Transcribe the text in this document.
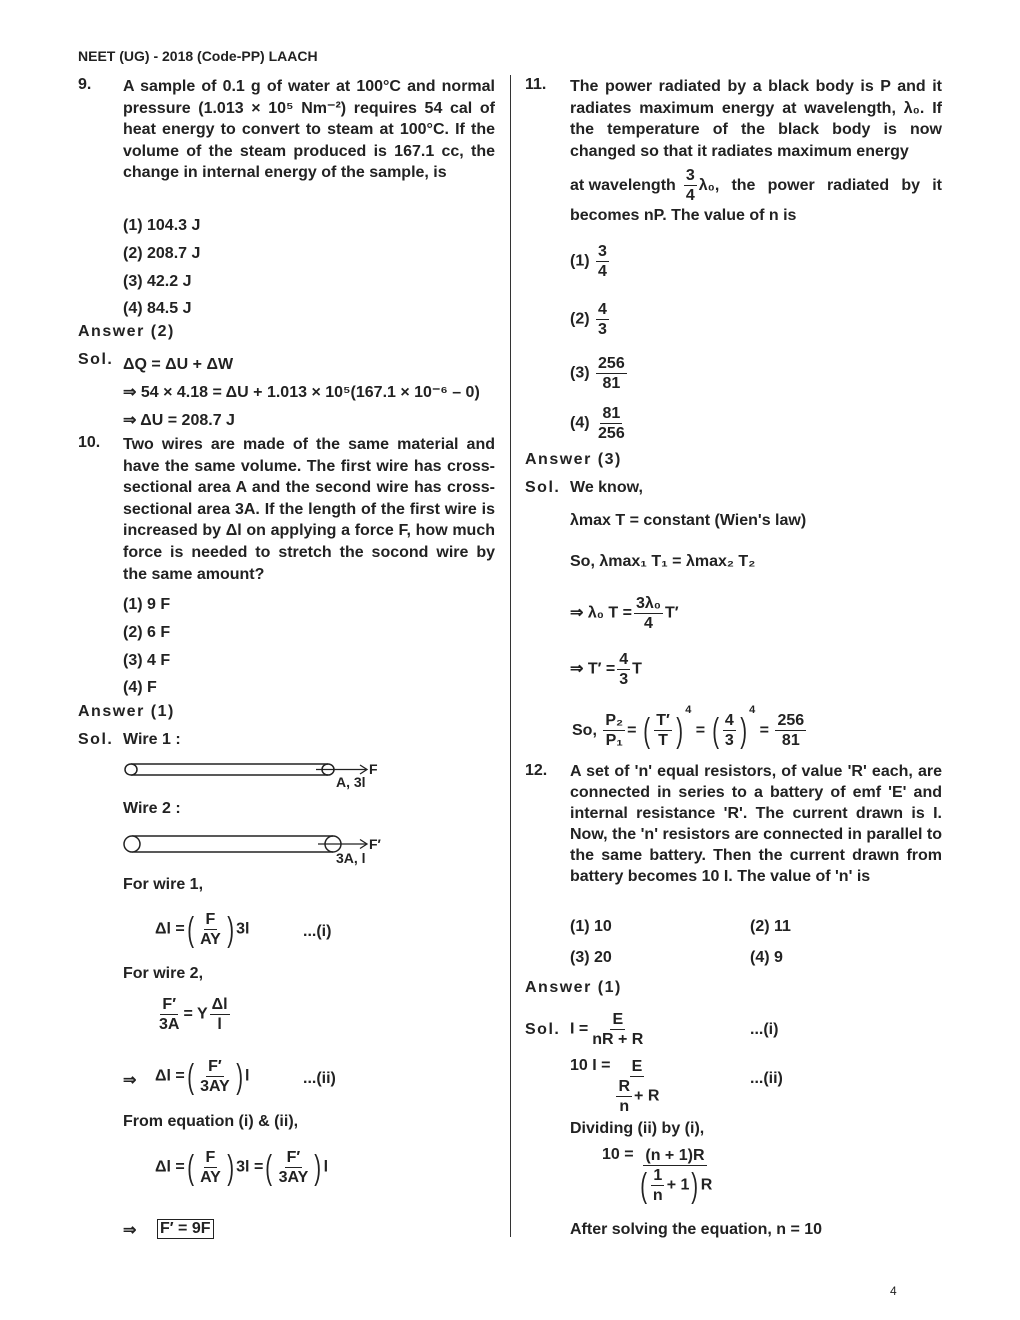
NEET (UG) - 2018 (Code-PP) LAACH
4
9. A sample of 0.1 g of water at 100°C and normal pressure (1.013 × 10⁵ Nm⁻²) requires 54 cal of heat energy to convert to steam at 100°C. If the volume of the steam produced is 167.1 cc, the change in internal energy of the sample, is
(1) 104.3 J
(2) 208.7 J
(3) 42.2 J
(4) 84.5 J
Answer (2)
Sol. ΔQ = ΔU + ΔW
⇒ 54 × 4.18 = ΔU + 1.013 × 10⁵(167.1 × 10⁻⁶ – 0)
⇒ ΔU = 208.7 J
10. Two wires are made of the same material and have the same volume. The first wire has cross-sectional area A and the second wire has cross-sectional area 3A. If the length of the first wire is increased by Δl on applying a force F, how much force is needed to stretch the socond wire by the same amount?
(1) 9 F
(2) 6 F
(3) 4 F
(4) F
Answer (1)
Sol. Wire 1 :
F
A, 3l
Wire 2 :
F′
3A, l
For wire 1,
Δl =( $\frac{F}{AY}$ ) 3l	...(i)
For wire 2,
$\frac{F'}{3A} = Y \frac{\Delta l}{l}$
⇒ Δl =( $\frac{F'}{3AY}$ ) l	...(ii)
From equation (i) & (ii),
Δl =( $\frac{F}{AY}$ ) 3l =( $\frac{F'}{3AY}$ ) l
⇒ F′ = 9F
11. The power radiated by a black body is P and it radiates maximum energy at wavelength, λ₀. If the temperature of the black body is now changed so that it radiates maximum energy
at wavelength $\frac{3}{4} \lambda_0$, the power radiated by it
becomes nP. The value of n is
$(1) \frac{3}{4}$
$(2) \frac{4}{3}$
$(3) \frac{256}{81}$
$(4) \frac{81}{256}$
Answer (3)
Sol. We know,
λmax T = constant (Wien's law)
So, λmax₁ T₁ = λmax₂ T₂
⇒ λ₀ $T = \frac{\text{3λ₀}}{4} T'$
⇒ $T' = \frac{4}{3}$ T
So, $\frac{\text{P₂}}{\text{P₁}}$ = ( $\frac{T'}{T} )^4$ = ( $\frac{4}{3} )^4 = \frac{256}{81}$
12. A set of 'n' equal resistors, of value 'R' each, are connected in series to a battery of emf 'E' and internal resistance 'R'. The current drawn is I. Now, the 'n' resistors are connected in parallel to the same battery. Then the current drawn from battery becomes 10 I. The value of 'n' is
(1) 10	(2) 11
(3) 20	(4) 9
Answer (1)
Sol. $I = \frac{E}{nR + R}$	...(i)
10 $I = \frac{E}{\frac{R}{n} + R}$	...(ii)
Dividing (ii) by (i),
$10 = \frac{(n + 1)R}{( \frac{1}{n} + 1) R}$
After solving the equation, n = 10
